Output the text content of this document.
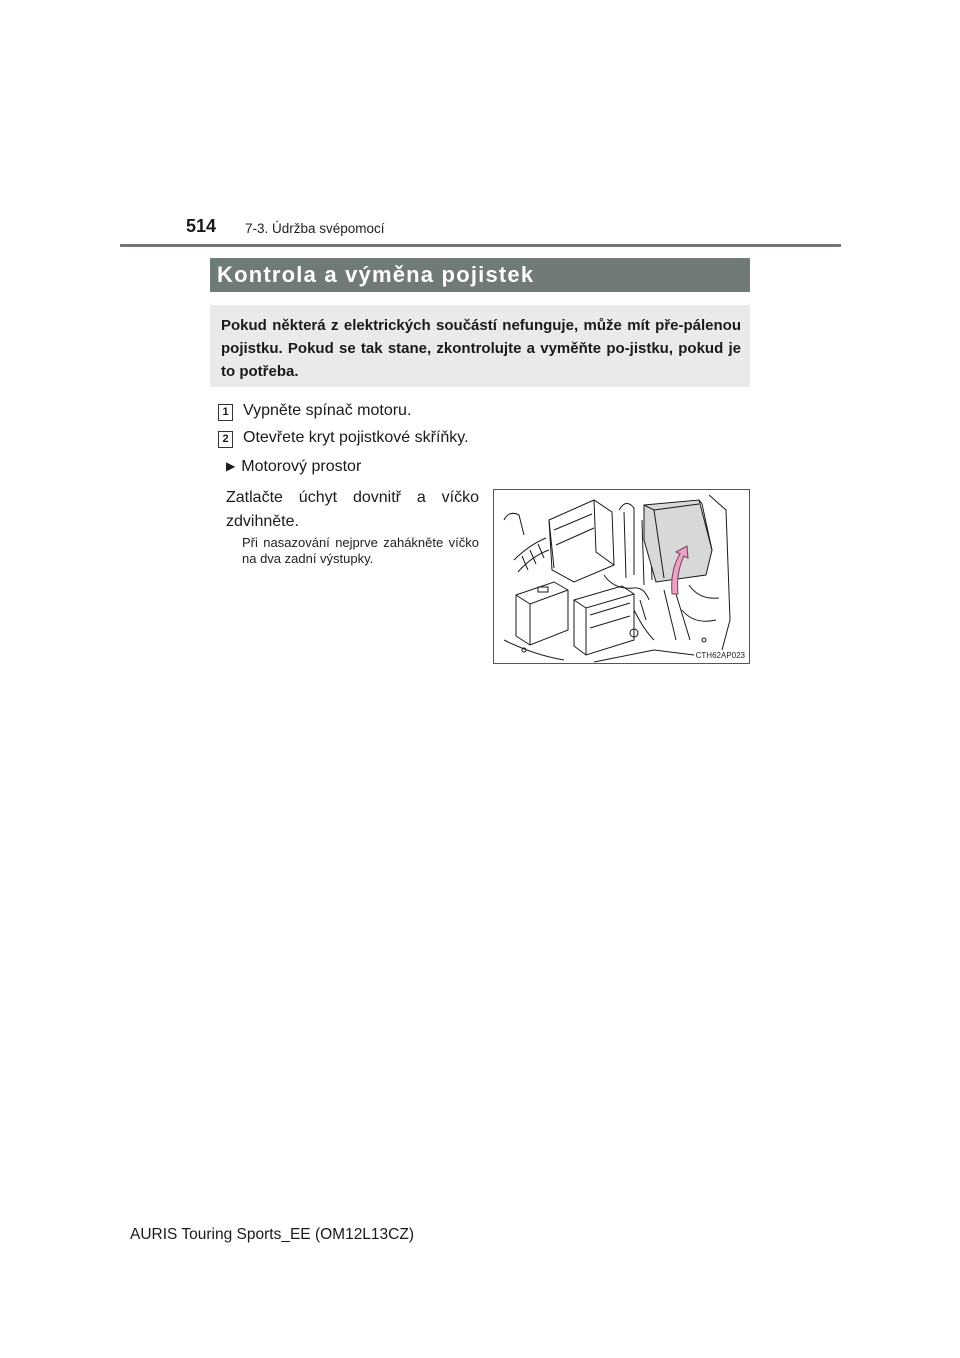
514 7-3. Údržba svépomocí
Kontrola a výměna pojistek
Pokud některá z elektrických součástí nefunguje, může mít pře-pálenou pojistku. Pokud se tak stane, zkontrolujte a vyměňte po-jistku, pokud je to potřeba.
1 Vypněte spínač motoru.
2 Otevřete kryt pojistkové skříňky.
▶ Motorový prostor
Zatlačte úchyt dovnitř a víčko zdvihněte.
Při nasazování nejprve zahákněte víčko na dva zadní výstupky.
CTH62AP023
AURIS Touring Sports_EE (OM12L13CZ)
